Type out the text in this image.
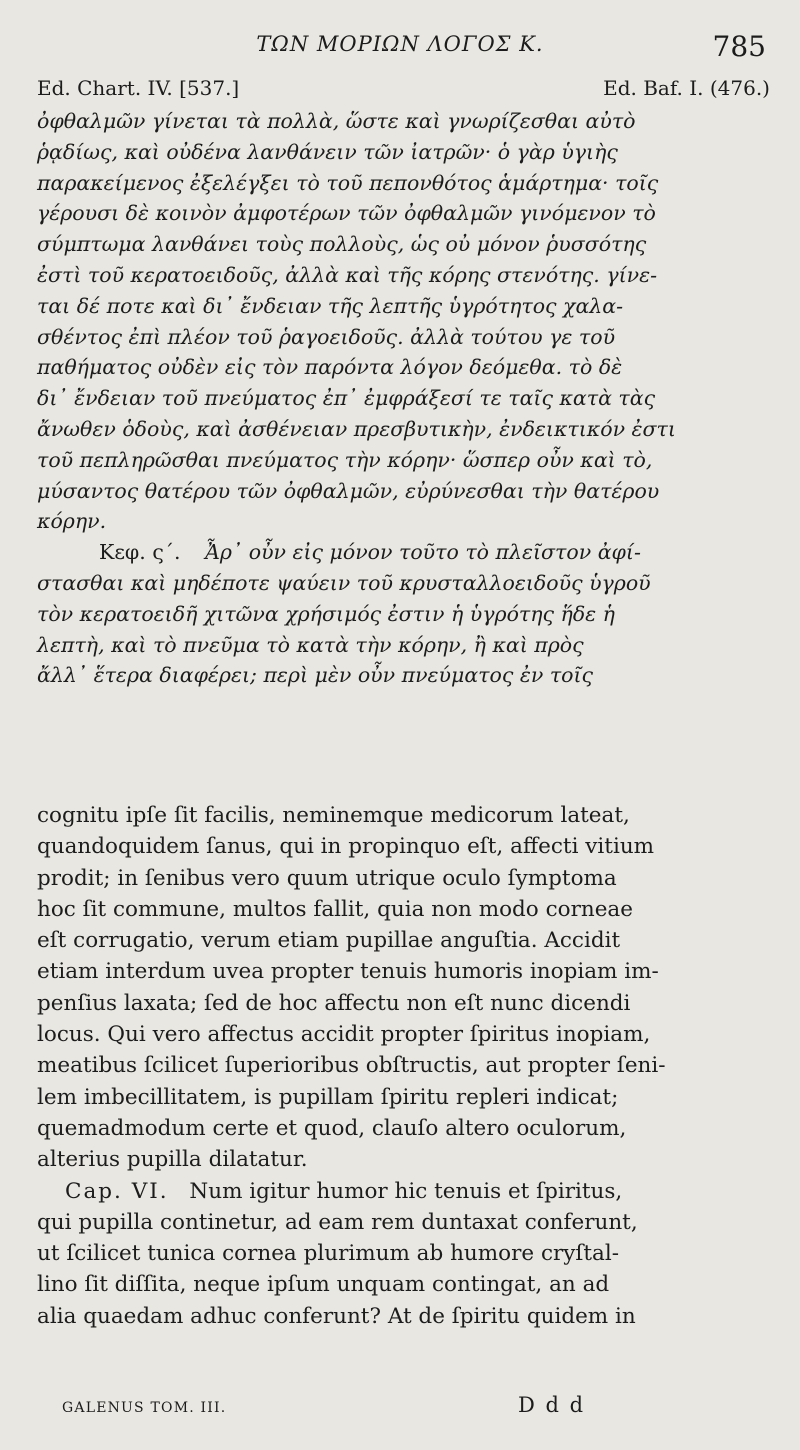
ΤΩΝ ΜΟΡΙΩΝ ΛΟΓΟΣ Κ.	785
Ed. Chart. IV. [537.]	Ed. Baf. I. (476.)
ὀφθαλμῶν γίνεται τὰ πολλὰ, ὥστε καὶ γνωρίζεσθαι αὐτὸ
ῥᾳδίως, καὶ οὐδένα λανθάνειν τῶν ἰατρῶν· ὁ γὰρ ὑγιὴς
παρακείμενος ἐξελέγξει τὸ τοῦ πεπονθότος ἁμάρτημα· τοῖς
γέρουσι δὲ κοινὸν ἀμφοτέρων τῶν ὀφθαλμῶν γινόμενον τὸ
σύμπτωμα λανθάνει τοὺς πολλοὺς, ὡς οὐ μόνον ῥυσσότης
ἐστὶ τοῦ κερατοειδοῦς, ἀλλὰ καὶ τῆς κόρης στενότης. γίνε-
ται δέ ποτε καὶ δι᾽ ἔνδειαν τῆς λεπτῆς ὑγρότητος χαλα-
σθέντος ἐπὶ πλέον τοῦ ῥαγοειδοῦς. ἀλλὰ τούτου γε τοῦ
παθήματος οὐδὲν εἰς τὸν παρόντα λόγον δεόμεθα. τὸ δὲ
δι᾽ ἔνδειαν τοῦ πνεύματος ἐπ᾽ ἐμφράξεσί τε ταῖς κατὰ τὰς
ἄνωθεν ὁδοὺς, καὶ ἀσθένειαν πρεσβυτικὴν, ἐνδεικτικόν ἐστι
τοῦ πεπληρῶσθαι πνεύματος τὴν κόρην· ὥσπερ οὖν καὶ τὸ,
μύσαντος θατέρου τῶν ὀφθαλμῶν, εὐρύνεσθαι τὴν θατέρου
κόρην.
Κεφ. ς΄. Ἆρ᾽ οὖν εἰς μόνον τοῦτο τὸ πλεῖστον ἀφί-
στασθαι καὶ μηδέποτε ψαύειν τοῦ κρυσταλλοειδοῦς ὑγροῦ
τὸν κερατοειδῆ χιτῶνα χρήσιμός ἐστιν ἡ ὑγρότης ἥδε ἡ
λεπτὴ, καὶ τὸ πνεῦμα τὸ κατὰ τὴν κόρην, ἢ καὶ πρὸς
ἄλλ᾽ ἕτερα διαφέρει; περὶ μὲν οὖν πνεύματος ἐν τοῖς
cognitu ipſe ſit facilis, neminemque medicorum lateat,
quandoquidem ſanus, qui in propinquo eſt, affecti vitium
prodit; in ſenibus vero quum utrique oculo ſymptoma
hoc ſit commune, multos fallit, quia non modo corneae
eſt corrugatio, verum etiam pupillae anguſtia. Accidit
etiam interdum uvea propter tenuis humoris inopiam im-
penſius laxata; ſed de hoc affectu non eſt nunc dicendi
locus. Qui vero affectus accidit propter ſpiritus inopiam,
meatibus ſcilicet ſuperioribus obſtructis, aut propter ſeni-
lem imbecillitatem, is pupillam ſpiritu repleri indicat;
quemadmodum certe et quod, clauſo altero oculorum,
alterius pupilla dilatatur.
Cap. VI. Num igitur humor hic tenuis et ſpiritus,
qui pupilla continetur, ad eam rem duntaxat conferunt,
ut ſcilicet tunica cornea plurimum ab humore cryſtal-
lino ſit diſſita, neque ipſum unquam contingat, an ad
alia quaedam adhuc conferunt? At de ſpiritu quidem in
GALENUS TOM. III.	D d d
